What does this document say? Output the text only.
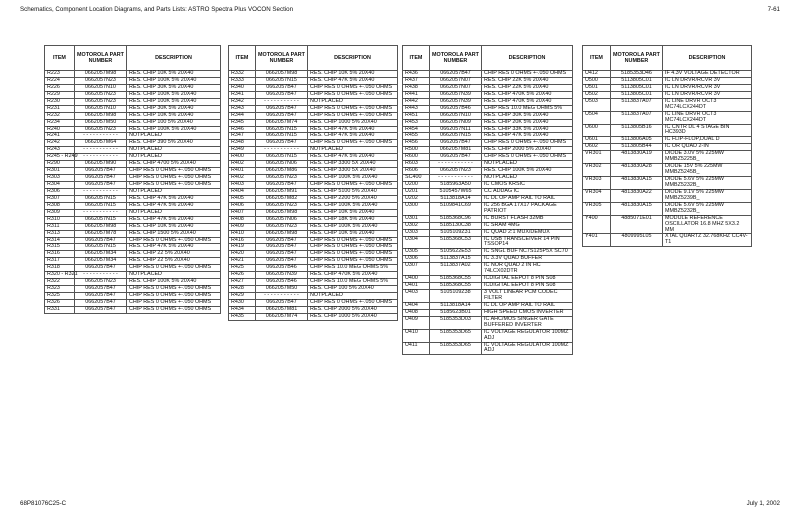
Schematics, Component Location Diagrams, and Parts Lists: ASTRO Spectra Plus VOCON Section	7-61
ITEM	MOTOROLA PART NUMBER	DESCRIPTION
R223	0662057M98	RES. CHIP 10K 5% 20X40
R224	0662057N23	RES. CHIP 100K 5% 20X40
R226	0662057N10	RES. CHIP 30K 5% 20X40
R229	0662057N23	RES. CHIP 100K 5% 20X40
R230	0662057N23	RES. CHIP 100K 5% 20X40
R231	0662057N10	RES. CHIP 30K 5% 20X40
R232	0662057M98	RES. CHIP 10K 5% 20X40
R234	0662057M50	RES. CHIP 100 5% 20X40
R240	0662057N23	RES. CHIP 100K 5% 20X40
R241	- - - - - - - - - - -	NOTPLACED
R242	0662057M64	RES. CHIP 390 5% 20X40
R243	- - - - - - - - - - -	NOTPLACED
R245 - R249	- - - - - - - - - - -	NOTPLACED
R290	0662057M90	RES. CHIP 4700 5% 20X40
R301	0662057B47	CHIP RES 0 OHMS +-.050 OHMS
R303	0662057B47	CHIP RES 0 OHMS +-.050 OHMS
R304	0662057B47	CHIP RES 0 OHMS +-.050 OHMS
R306	- - - - - - - - - - -	NOTPLACED
R307	0662057N15	RES. CHIP 47K 5% 20X40
R308	0662057N15	RES. CHIP 47K 5% 20X40
R309	- - - - - - - - - - -	NOTPLACED
R310	0662057N15	RES. CHIP 47K 5% 20X40
R311	0662057M98	RES. CHIP 10K 5% 20X40
R313	0662057M78	RES. CHIP 1500 5% 20X40
R314	0662057B47	CHIP RES 0 OHMS +-.050 OHMS
R315	0662057N15	RES. CHIP 47K 5% 20X40
R316	0662057M34	RES. CHIP 22 5% 20X40
R317	0662057M34	RES. CHIP 22 5% 20X40
R318	0662057B47	CHIP RES 0 OHMS +-.050 OHMS
R320 - R321	- - - - - - - - - - -	NOTPLACED
R322	0662057N23	RES. CHIP 100K 5% 20X40
R323	0662057B47	CHIP RES 0 OHMS +-.050 OHMS
R325	0662057B47	CHIP RES 0 OHMS +-.050 OHMS
R326	0662057B47	CHIP RES 0 OHMS +-.050 OHMS
R331	0662057B47	CHIP RES 0 OHMS +-.050 OHMS
ITEM	MOTOROLA PART NUMBER	DESCRIPTION
R332	0662057M98	RES. CHIP 10K 5% 20X40
R333	0662057N15	RES. CHIP 47K 5% 20X40
R340	0662057B47	CHIP RES 0 OHMS +-.050 OHMS
R341	0662057B47	CHIP RES 0 OHMS +-.050 OHMS
R342	- - - - - - - - - - -	NOTPLACED
R343	0662057B47	CHIP RES 0 OHMS +-.050 OHMS
R344	0662057B47	CHIP RES 0 OHMS +-.050 OHMS
R345	0662057M74	RES. CHIP 1000 5% 20X40
R346	0662057N15	RES. CHIP 47K 5% 20X40
R347	0662057N15	RES. CHIP 47K 5% 20X40
R348	0662057B47	CHIP RES 0 OHMS +-.050 OHMS
R349	- - - - - - - - - - -	NOTPLACED
R400	0662057N15	RES. CHIP 47K 5% 20X40
R402	0662057N06	RES. CHIP 3300 5X 20X40
R401	0662057M86	RES. CHIP 3300 5X 20X40
R402	0662057N23	RES. CHIP 100K 5% 20X40
R403	0662057B47	CHIP RES 0 OHMS +-.050 OHMS
R404	0662057M91	RES. CHIP 5100 5% 20X40
R405	0662057M82	RES. CHIP 2200 5% 20X40
R406	0662057N23	RES. CHIP 100K 5% 20X40
R407	0662057M98	RES. CHIP 10K 5% 20X40
R408	0662057N06	RES. CHIP 18K 5% 20X40
R409	0662057N23	RES. CHIP 100K 5% 20X40
R410	0662057M98	RES. CHIP 10K 5% 20X40
R416	0662057B47	CHIP RES 0 OHMS +-.050 OHMS
R419	0662057B47	CHIP RES 0 OHMS +-.050 OHMS
R420	0662057B47	CHIP RES 0 OHMS +-.050 OHMS
R421	0662057B47	CHIP RES 0 OHMS +-.050 OHMS
R425	0662057B46	CHIP RES 10.0 MEG OHMS 5%
R426	0662057N39	RES. CHIP 470K 5% 20X40
R427	0662057B46	CHIP RES 10.0 MEG OHMS 5%
R428	0662057M50	RES. CHIP 100 5% 20X40
R429	- - - - - - - - - - -	NOTPLACED
R430	0662057B47	CHIP RES 0 OHMS +-.050 OHMS
R434	0662057M81	RES. CHIP 2000 5% 20X40
R435	0662057M74	RES. CHIP 1000 5% 20X40
ITEM	MOTOROLA PART NUMBER	DESCRIPTION
R436	0662057B47	CHIP RES 0 OHMS +-.050 OHMS
R437	0662057N07	RES. CHIP 22K 5% 20X40
R438	0662057N07	RES. CHIP 22K 5% 20X40
R441	0662057N39	RES. CHIP 470K 5% 20X40
R442	0662057N39	RES. CHIP 470K 5% 20X40
R443	0662057B46	CHIP RES 10.0 MEG OHMS 5%
R451	0662057N10	RES. CHIP 30K 5% 20X40
R453	0662057N09	RES. CHIP 20K 5% 20X40
R454	0662057N11	RES. CHIP 33K 5% 20X40
R455	0662057N15	RES. CHIP 47K 5% 20X40
R456	0662057B47	CHIP RES 0 OHMS +-.050 OHMS
R500	0662057M81	RES. CHIP 2000 5% 20X40
R600	0662057B47	CHIP RES 0 OHMS +-.050 OHMS
R603	- - - - - - - - - - -	NOTPLACED
R606	0662057N23	RES. CHIP 100K 5% 20X40
SC400	- - - - - - - - - - -	NOTPLACED
U200	5185963A50	IC CMOS KRSIC
U201	5105457W65	CC ADDAG IC
U202	5113818A14	IC DL OP AMP RAIL TO RAIL
U300	5109841C69	IC 256 BGA 17X17 PACKAGE PATRIOT
U301	5185368C96	IC BURST FLASH 32MB
U302	5185130C38	IC SRAM 4MG
U303	5105109Z31	IC QUAD 2:1 MUX/DEMUX
U304	5185368C53	IC USB TRANSCEIVER 14 PIN TSSOP14
U305	5105622E53	IC SNGL BUF NC7S125P5X SC70
U306	5113837A15	IC 3.3V QUAD BUFFER
U307	5113837A02	IC NOR QUAD 2 IN HC 74LCX02DTR
U400	5185368C55	ICDIGITAL EEPOT 8 PIN S08
U401	5185368C55	ICDIGITAL EEPOT 8 PIN S08
U403	5105109Z38	3 VOLT LINEAR PCM CODEC FILTER
U404	5113818A14	IC DL OP AMP RAIL TO RAIL
U408	5185623B01	HIGH SPEED CMOS INVERTER
U409	5185353D03	IC AHC/MOS SINGER GATE BUFFERED INVERTER
U410	5185353D65	IC VOLTAGE REGULATOR 100MZ ADJ
U411	5185353D65	IC VOLTAGE REGULATOR 100MZ ADJ
ITEM	MOTOROLA PART NUMBER	DESCRIPTION
U412	5185353D46	IF 4.3V VOLTAGE DETECTOR
U500	5113805C01	IC LN DRVR/RCVR 3V
U501	5113805C01	IC LN DRVR/RCVR 3V
U502	5113805C01	IC LN DRVR/RCVR 3V
U503	5113837A07	IC LINE DRVR OCT3 MC74LCX244DT
U504	5113837A07	IC LINE DRVR OCT3 MC74LCX244DT
U600	5113805B16	IC CNTR DL 4 STAGE BIN HC393D
U601	5113806A05	IC FLIP-FLOP,DUAL D
U602	5113805B44	IC OR QUAD 2-IN
VR301	4813830A19	DIODE 3.0V 5% 225MW MMBZ5225B_
VR302	4813830A28	DIODE 15V 5% 225MW MMBZ5245B_
VR303	4813830A15	DIODE 5.6V 5% 225MW MMBZ5232B_
VR304	4813830A22	DIODE 9.1V 5% 225MW MMBZ5239B_
VR305	4813830A15	DIODE 5.6V 5% 225MW MMBZ5232B_
Y400	4885071E01	MODULE REFERENCE OSCILLATOR 16.8 MHZ 5X3.2 MM
Y401	4809995L05	XTAL QUARTZ 32.768KHZ CC4V-T1
68P81076C25-C	July 1, 2002
